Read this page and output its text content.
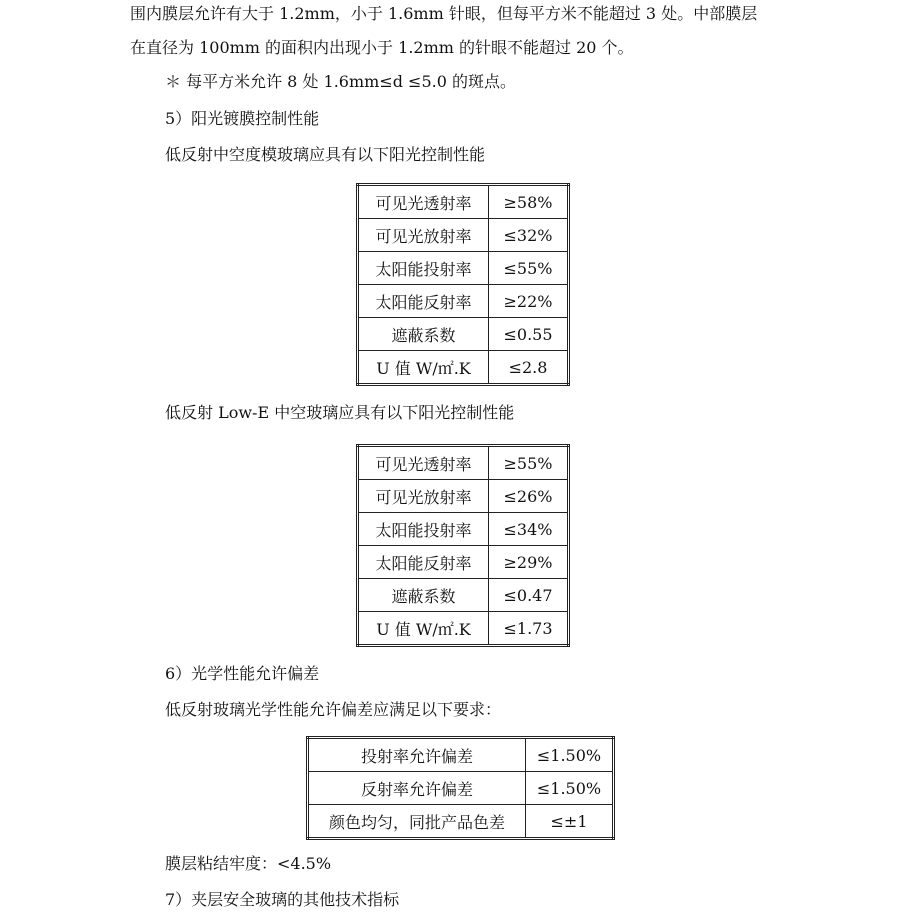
围内膜层允许有大于 1.2mm，小于 1.6mm 针眼，但每平方米不能超过 3 处。中部膜层
在直径为 100mm 的面积内出现小于 1.2mm 的针眼不能超过 20 个。
＊ 每平方米允许 8 处 1.6mm≤d ≤5.0 的斑点。
5）阳光镀膜控制性能
低反射中空度模玻璃应具有以下阳光控制性能
可见光透射率	≥58%
可见光放射率	≤32%
太阳能投射率	≤55%
太阳能反射率	≥22%
遮蔽系数	≤0.55
U 值 W/㎡.K	≤2.8
低反射 Low-E 中空玻璃应具有以下阳光控制性能
可见光透射率	≥55%
可见光放射率	≤26%
太阳能投射率	≤34%
太阳能反射率	≥29%
遮蔽系数	≤0.47
U 值 W/㎡.K	≤1.73
6）光学性能允许偏差
低反射玻璃光学性能允许偏差应满足以下要求：
投射率允许偏差	≤1.50%
反射率允许偏差	≤1.50%
颜色均匀，同批产品色差	≤±1
膜层粘结牢度：<4.5%
7）夹层安全玻璃的其他技术指标
